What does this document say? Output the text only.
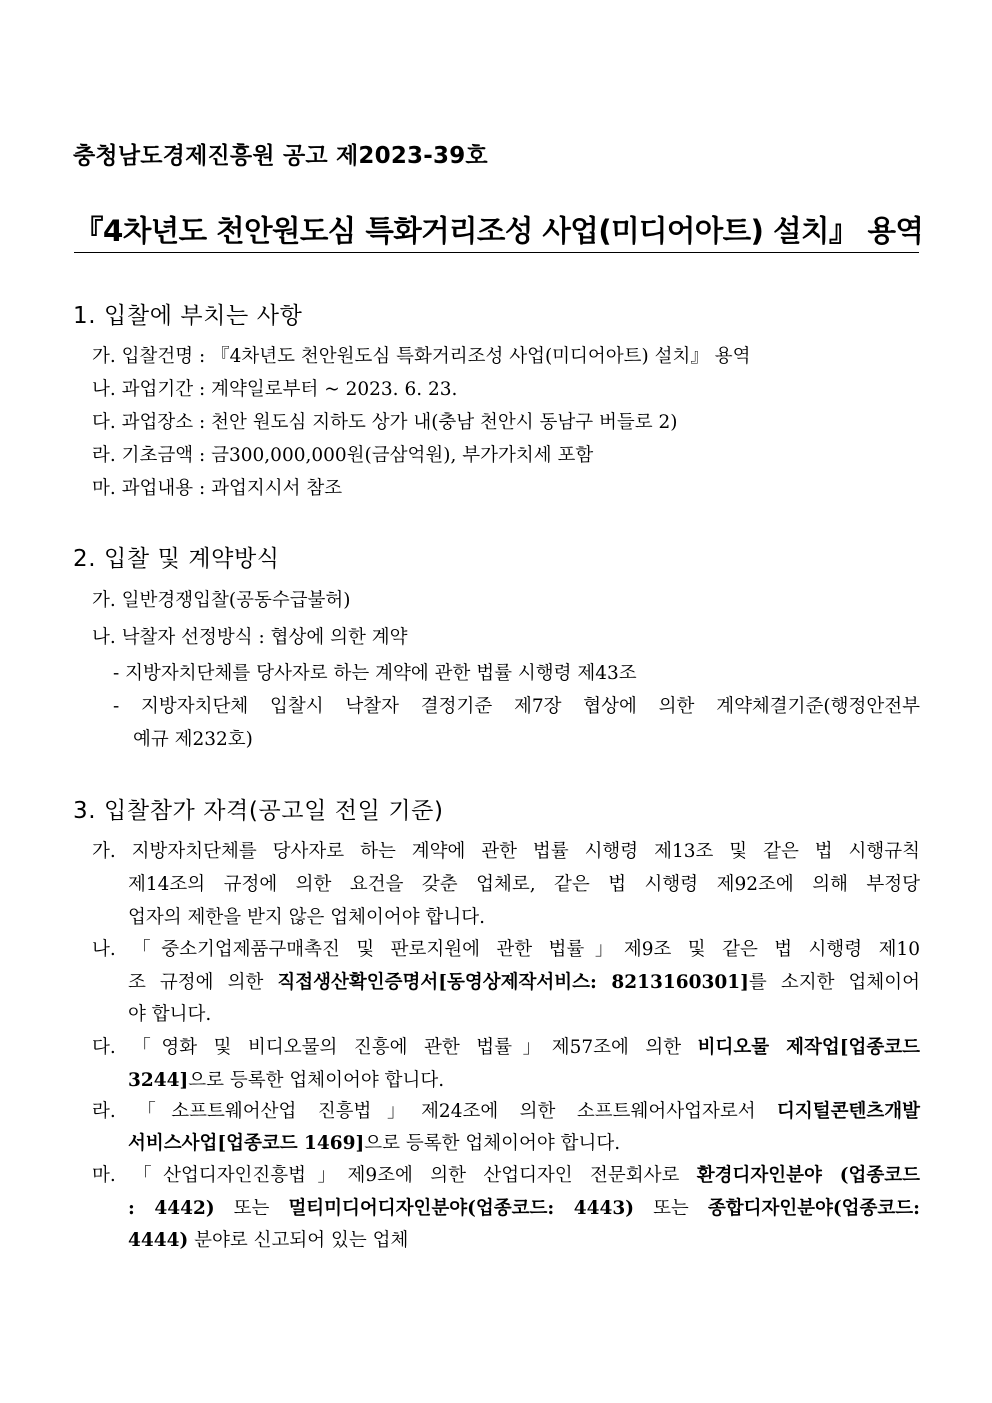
충청남도경제진흥원 공고 제2023-39호
『4차년도 천안원도심 특화거리조성 사업(미디어아트) 설치』 용역
1. 입찰에 부치는 사항
가. 입찰건명 : 『4차년도 천안원도심 특화거리조성 사업(미디어아트) 설치』 용역
나. 과업기간 : 계약일로부터 ~ 2023. 6. 23.
다. 과업장소 : 천안 원도심 지하도 상가 내(충남 천안시 동남구 버들로 2)
라. 기초금액 : 금300,000,000원(금삼억원), 부가가치세 포함
마. 과업내용 : 과업지시서 참조
2. 입찰 및 계약방식
가. 일반경쟁입찰(공동수급불허)
나. 낙찰자 선정방식 : 협상에 의한 계약
- 지방자치단체를 당사자로 하는 계약에 관한 법률 시행령 제43조
- 지방자치단체 입찰시 낙찰자 결정기준 제7장 협상에 의한 계약체결기준(행정안전부
예규 제232호)
3. 입찰참가 자격(공고일 전일 기준)
가. 지방자치단체를 당사자로 하는 계약에 관한 법률 시행령 제13조 및 같은 법 시행규칙
제14조의 규정에 의한 요건을 갖춘 업체로, 같은 법 시행령 제92조에 의해 부정당
업자의 제한을 받지 않은 업체이어야 합니다.
나. 「중소기업제품구매촉진 및 판로지원에 관한 법률」제9조 및 같은 법 시행령 제10
조 규정에 의한 직접생산확인증명서[동영상제작서비스: 8213160301]를 소지한 업체이어
야 합니다.
다. 「영화 및 비디오물의 진흥에 관한 법률」제57조에 의한 비디오물 제작업[업종코드
3244]으로 등록한 업체이어야 합니다.
라. 「소프트웨어산업 진흥법」제24조에 의한 소프트웨어사업자로서 디지털콘텐츠개발
서비스사업[업종코드 1469]으로 등록한 업체이어야 합니다.
마. 「산업디자인진흥법」제9조에 의한 산업디자인 전문회사로 환경디자인분야 (업종코드
: 4442) 또는 멀티미디어디자인분야(업종코드: 4443) 또는 종합디자인분야(업종코드:
4444) 분야로 신고되어 있는 업체
